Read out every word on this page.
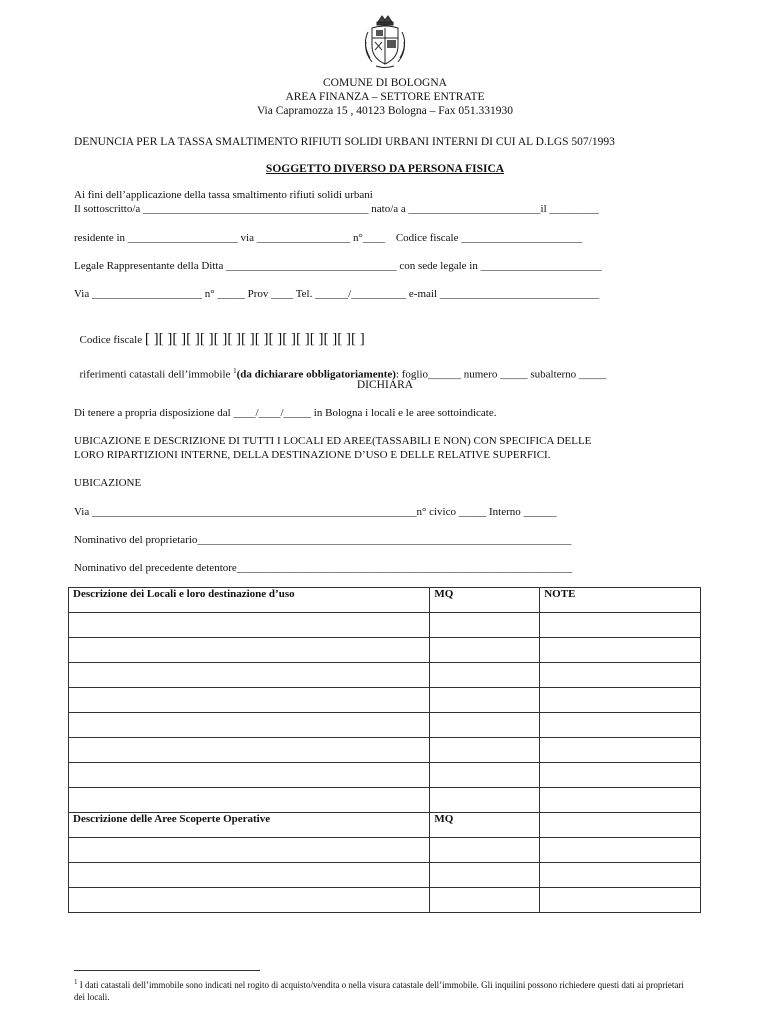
COMUNE DI BOLOGNA
AREA FINANZA – SETTORE ENTRATE
Via Capramozza 15 , 40123 Bologna – Fax 051.331930
DENUNCIA PER LA TASSA SMALTIMENTO RIFIUTI SOLIDI URBANI INTERNI DI CUI AL D.LGS 507/1993
SOGGETTO DIVERSO DA PERSONA FISICA
Ai fini dell’applicazione della tassa smaltimento rifiuti solidi urbani
Il sottoscritto/a _________________________________________ nato/a a ________________________il _________
residente in ____________________ via _________________ n°____    Codice fiscale ______________________
Legale Rappresentante della Ditta _______________________________ con sede legale in ______________________
Via ____________________ n° _____ Prov ____ Tel. ______/__________ e-mail _____________________________

Codice fiscale [ ][ ][ ][ ][ ][ ][ ][ ][ ][ ][ ][ ][ ][ ][ ][ ]

riferimenti catastali dell’immobile $^1$(da dichiarare obbligatoriamente): foglio______ numero _____ subalterno _____

DICHIARA
Di tenere a propria disposizione dal ____/____/_____ in Bologna i locali e le aree sottoindicate.
UBICAZIONE E DESCRIZIONE DI TUTTI I LOCALI ED AREE(TASSABILI E NON) CON SPECIFICA DELLE
LORO RIPARTIZIONI INTERNE, DELLA DESTINAZIONE D’USO E DELLE RELATIVE SUPERFICI.
UBICAZIONE
Via ___________________________________________________________n° civico _____ Interno ______
Nominativo del proprietario____________________________________________________________________
Nominativo del precedente detentore_____________________________________________________________
Descrizione dei Locali e loro destinazione d’uso	MQ	NOTE

Descrizione delle Aree Scoperte Operative	MQ	

$^1$ I dati catastali dell’immobile sono indicati nel rogito di acquisto/vendita o nella visura catastale dell’immobile. Gli inquilini possono richiedere questi dati ai proprietari dei locali.
